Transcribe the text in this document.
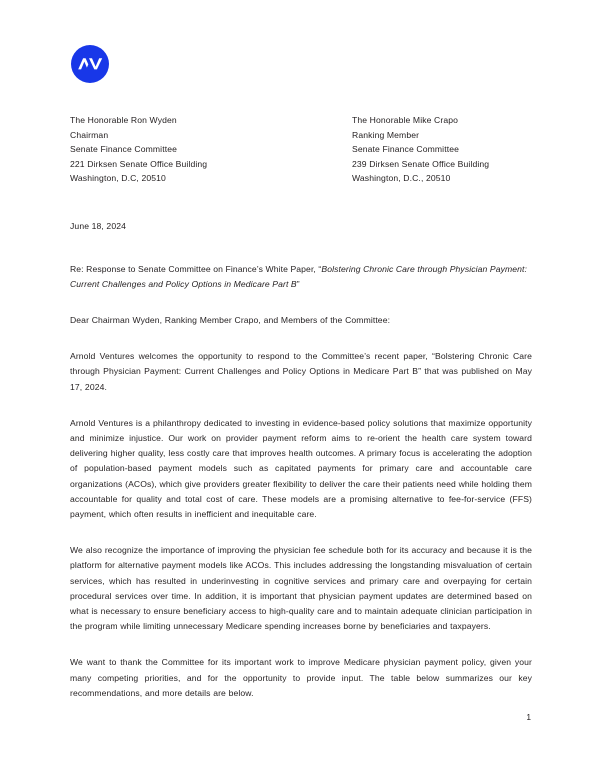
The Honorable Ron Wyden
Chairman
Senate Finance Committee
221 Dirksen Senate Office Building
Washington, D.C, 20510
The Honorable Mike Crapo
Ranking Member
Senate Finance Committee
239 Dirksen Senate Office Building
Washington, D.C., 20510
June 18, 2024

Re: Response to Senate Committee on Finance’s White Paper, “Bolstering Chronic Care through Physician Payment: Current Challenges and Policy Options in Medicare Part B”

Dear Chairman Wyden, Ranking Member Crapo, and Members of the Committee:

Arnold Ventures welcomes the opportunity to respond to the Committee’s recent paper, “Bolstering Chronic Care through Physician Payment: Current Challenges and Policy Options in Medicare Part B” that was published on May 17, 2024.

Arnold Ventures is a philanthropy dedicated to investing in evidence-based policy solutions that maximize opportunity and minimize injustice. Our work on provider payment reform aims to re-orient the health care system toward delivering higher quality, less costly care that improves health outcomes. A primary focus is accelerating the adoption of population-based payment models such as capitated payments for primary care and accountable care organizations (ACOs), which give providers greater flexibility to deliver the care their patients need while holding them accountable for quality and total cost of care. These models are a promising alternative to fee-for-service (FFS) payment, which often results in inefficient and inequitable care.

We also recognize the importance of improving the physician fee schedule both for its accuracy and because it is the platform for alternative payment models like ACOs. This includes addressing the longstanding misvaluation of certain services, which has resulted in underinvesting in cognitive services and primary care and overpaying for certain procedural services over time. In addition, it is important that physician payment updates are determined based on what is necessary to ensure beneficiary access to high-quality care and to maintain adequate clinician participation in the program while limiting unnecessary Medicare spending increases borne by beneficiaries and taxpayers.

We want to thank the Committee for its important work to improve Medicare physician payment policy, given your many competing priorities, and for the opportunity to provide input. The table below summarizes our key recommendations, and more details are below.

1
